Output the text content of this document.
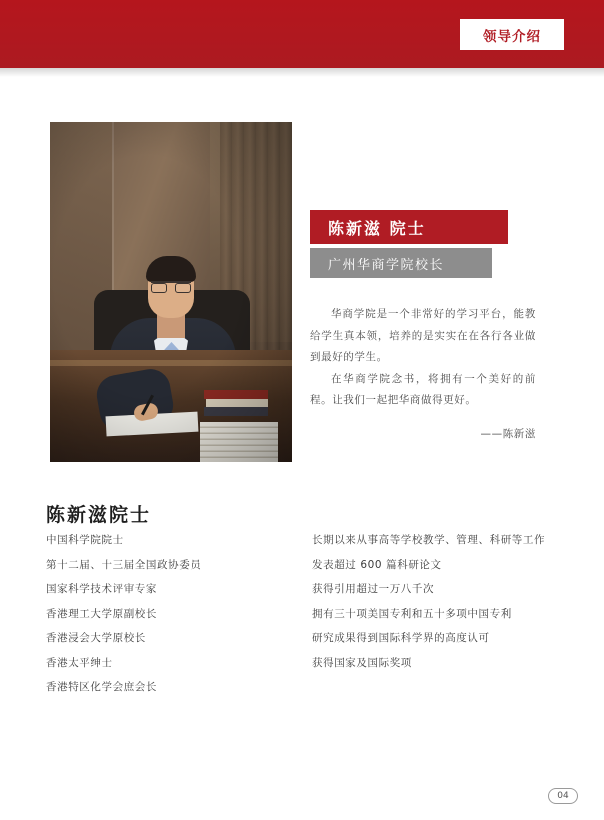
领导介绍
陈新滋 院士
广州华商学院校长
华商学院是一个非常好的学习平台，能教给学生真本领，培养的是实实在在各行各业做到最好的学生。
在华商学院念书，将拥有一个美好的前程。让我们一起把华商做得更好。
——陈新滋
陈新滋院士
中国科学院院士
第十二届、十三届全国政协委员
国家科学技术评审专家
香港理工大学原副校长
香港浸会大学原校长
香港太平绅士
香港特区化学会庶会长
长期以来从事高等学校教学、管理、科研等工作
发表超过 600 篇科研论文
获得引用超过一万八千次
拥有三十项美国专利和五十多项中国专利
研究成果得到国际科学界的高度认可
获得国家及国际奖项
04
